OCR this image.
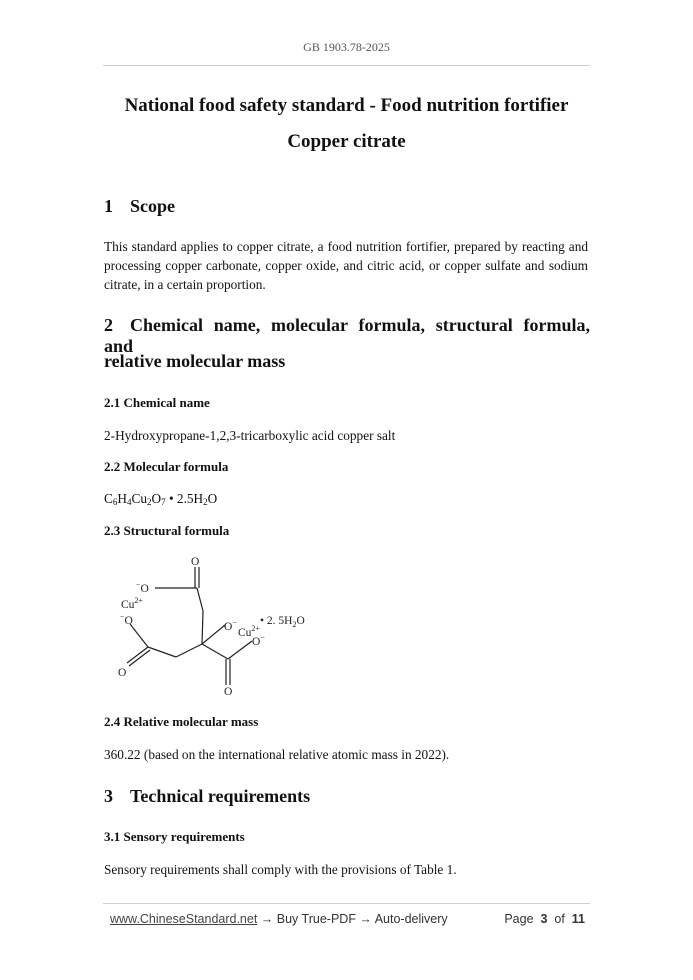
GB 1903.78-2025
National food safety standard - Food nutrition fortifier
Copper citrate
1 Scope
This standard applies to copper citrate, a food nutrition fortifier, prepared by reacting and processing copper carbonate, copper oxide, and citric acid, or copper sulfate and sodium citrate, in a certain proportion.
2 Chemical name, molecular formula, structural formula, and
relative molecular mass
2.1 Chemical name
2-Hydroxypropane-1,2,3-tricarboxylic acid copper salt
2.2 Molecular formula
$C_6H_4Cu_2O_7$ • $2.5H_2O$
2.3 Structural formula
O
−O
$Cu^{2+}$
−O
O
O−
$Cu^{2+}$
O−
O
• 2. $5H_2O$
2.4 Relative molecular mass
360.22 (based on the international relative atomic mass in 2022).
3 Technical requirements
3.1 Sensory requirements
Sensory requirements shall comply with the provisions of Table 1.
www.ChineseStandard.net → Buy True-PDF → Auto-delivery	Page 3 of 11
